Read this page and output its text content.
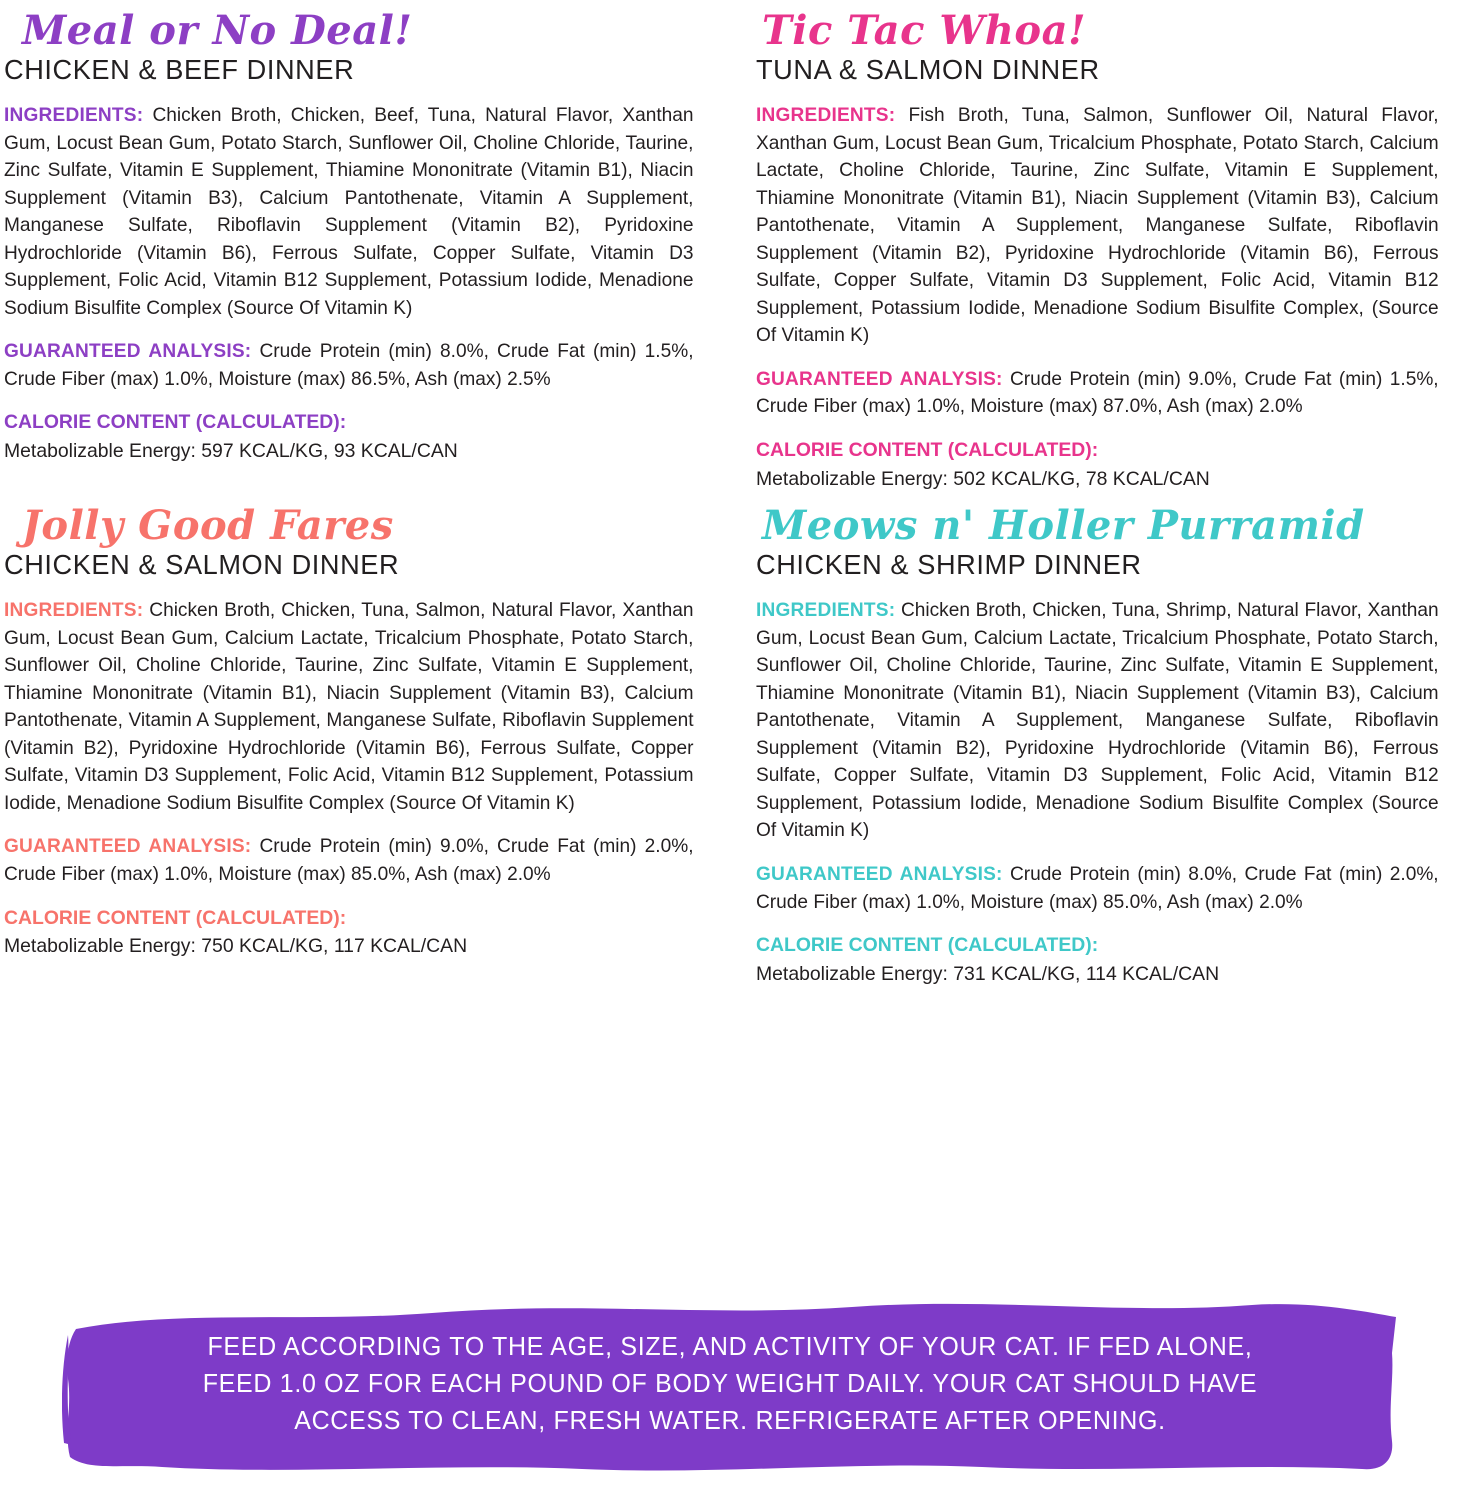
Meal or No Deal!
CHICKEN & BEEF DINNER

INGREDIENTS: Chicken Broth, Chicken, Beef, Tuna, Natural Flavor, Xanthan Gum, Locust Bean Gum, Potato Starch, Sunflower Oil, Choline Chloride, Taurine, Zinc Sulfate, Vitamin E Supplement, Thiamine Mononitrate (Vitamin B1), Niacin Supplement (Vitamin B3), Calcium Pantothenate, Vitamin A Supplement, Manganese Sulfate, Riboflavin Supplement (Vitamin B2), Pyridoxine Hydrochloride (Vitamin B6), Ferrous Sulfate, Copper Sulfate, Vitamin D3 Supplement, Folic Acid, Vitamin B12 Supplement, Potassium Iodide, Menadione Sodium Bisulfite Complex (Source Of Vitamin K)

GUARANTEED ANALYSIS: Crude Protein (min) 8.0%, Crude Fat (min) 1.5%, Crude Fiber (max) 1.0%, Moisture (max) 86.5%, Ash (max) 2.5%

CALORIE CONTENT (CALCULATED):
Metabolizable Energy: 597 KCAL/KG, 93 KCAL/CAN
Tic Tac Whoa!
TUNA & SALMON DINNER

INGREDIENTS: Fish Broth, Tuna, Salmon, Sunflower Oil, Natural Flavor, Xanthan Gum, Locust Bean Gum, Tricalcium Phosphate, Potato Starch, Calcium Lactate, Choline Chloride, Taurine, Zinc Sulfate, Vitamin E Supplement, Thiamine Mononitrate (Vitamin B1), Niacin Supplement (Vitamin B3), Calcium Pantothenate, Vitamin A Supplement, Manganese Sulfate, Riboflavin Supplement (Vitamin B2), Pyridoxine Hydrochloride (Vitamin B6), Ferrous Sulfate, Copper Sulfate, Vitamin D3 Supplement, Folic Acid, Vitamin B12 Supplement, Potassium Iodide, Menadione Sodium Bisulfite Complex, (Source Of Vitamin K)

GUARANTEED ANALYSIS: Crude Protein (min) 9.0%, Crude Fat (min) 1.5%, Crude Fiber (max) 1.0%, Moisture (max) 87.0%, Ash (max) 2.0%

CALORIE CONTENT (CALCULATED):
Metabolizable Energy: 502 KCAL/KG, 78 KCAL/CAN
Jolly Good Fares
CHICKEN & SALMON DINNER

INGREDIENTS: Chicken Broth, Chicken, Tuna, Salmon, Natural Flavor, Xanthan Gum, Locust Bean Gum, Calcium Lactate, Tricalcium Phosphate, Potato Starch, Sunflower Oil, Choline Chloride, Taurine, Zinc Sulfate, Vitamin E Supplement, Thiamine Mononitrate (Vitamin B1), Niacin Supplement (Vitamin B3), Calcium Pantothenate, Vitamin A Supplement, Manganese Sulfate, Riboflavin Supplement (Vitamin B2), Pyridoxine Hydrochloride (Vitamin B6), Ferrous Sulfate, Copper Sulfate, Vitamin D3 Supplement, Folic Acid, Vitamin B12 Supplement, Potassium Iodide, Menadione Sodium Bisulfite Complex (Source Of Vitamin K)

GUARANTEED ANALYSIS: Crude Protein (min) 9.0%, Crude Fat (min) 2.0%, Crude Fiber (max) 1.0%, Moisture (max) 85.0%, Ash (max) 2.0%

CALORIE CONTENT (CALCULATED):
Metabolizable Energy: 750 KCAL/KG, 117 KCAL/CAN
Meows n' Holler Purramid
CHICKEN & SHRIMP DINNER

INGREDIENTS: Chicken Broth, Chicken, Tuna, Shrimp, Natural Flavor, Xanthan Gum, Locust Bean Gum, Calcium Lactate, Tricalcium Phosphate, Potato Starch, Sunflower Oil, Choline Chloride, Taurine, Zinc Sulfate, Vitamin E Supplement, Thiamine Mononitrate (Vitamin B1), Niacin Supplement (Vitamin B3), Calcium Pantothenate, Vitamin A Supplement, Manganese Sulfate, Riboflavin Supplement (Vitamin B2), Pyridoxine Hydrochloride (Vitamin B6), Ferrous Sulfate, Copper Sulfate, Vitamin D3 Supplement, Folic Acid, Vitamin B12 Supplement, Potassium Iodide, Menadione Sodium Bisulfite Complex (Source Of Vitamin K)

GUARANTEED ANALYSIS: Crude Protein (min) 8.0%, Crude Fat (min) 2.0%, Crude Fiber (max) 1.0%, Moisture (max) 85.0%, Ash (max) 2.0%

CALORIE CONTENT (CALCULATED):
Metabolizable Energy: 731 KCAL/KG, 114 KCAL/CAN
FEED ACCORDING TO THE AGE, SIZE, AND ACTIVITY OF YOUR CAT. IF FED ALONE,
FEED 1.0 OZ FOR EACH POUND OF BODY WEIGHT DAILY. YOUR CAT SHOULD HAVE
ACCESS TO CLEAN, FRESH WATER. REFRIGERATE AFTER OPENING.
